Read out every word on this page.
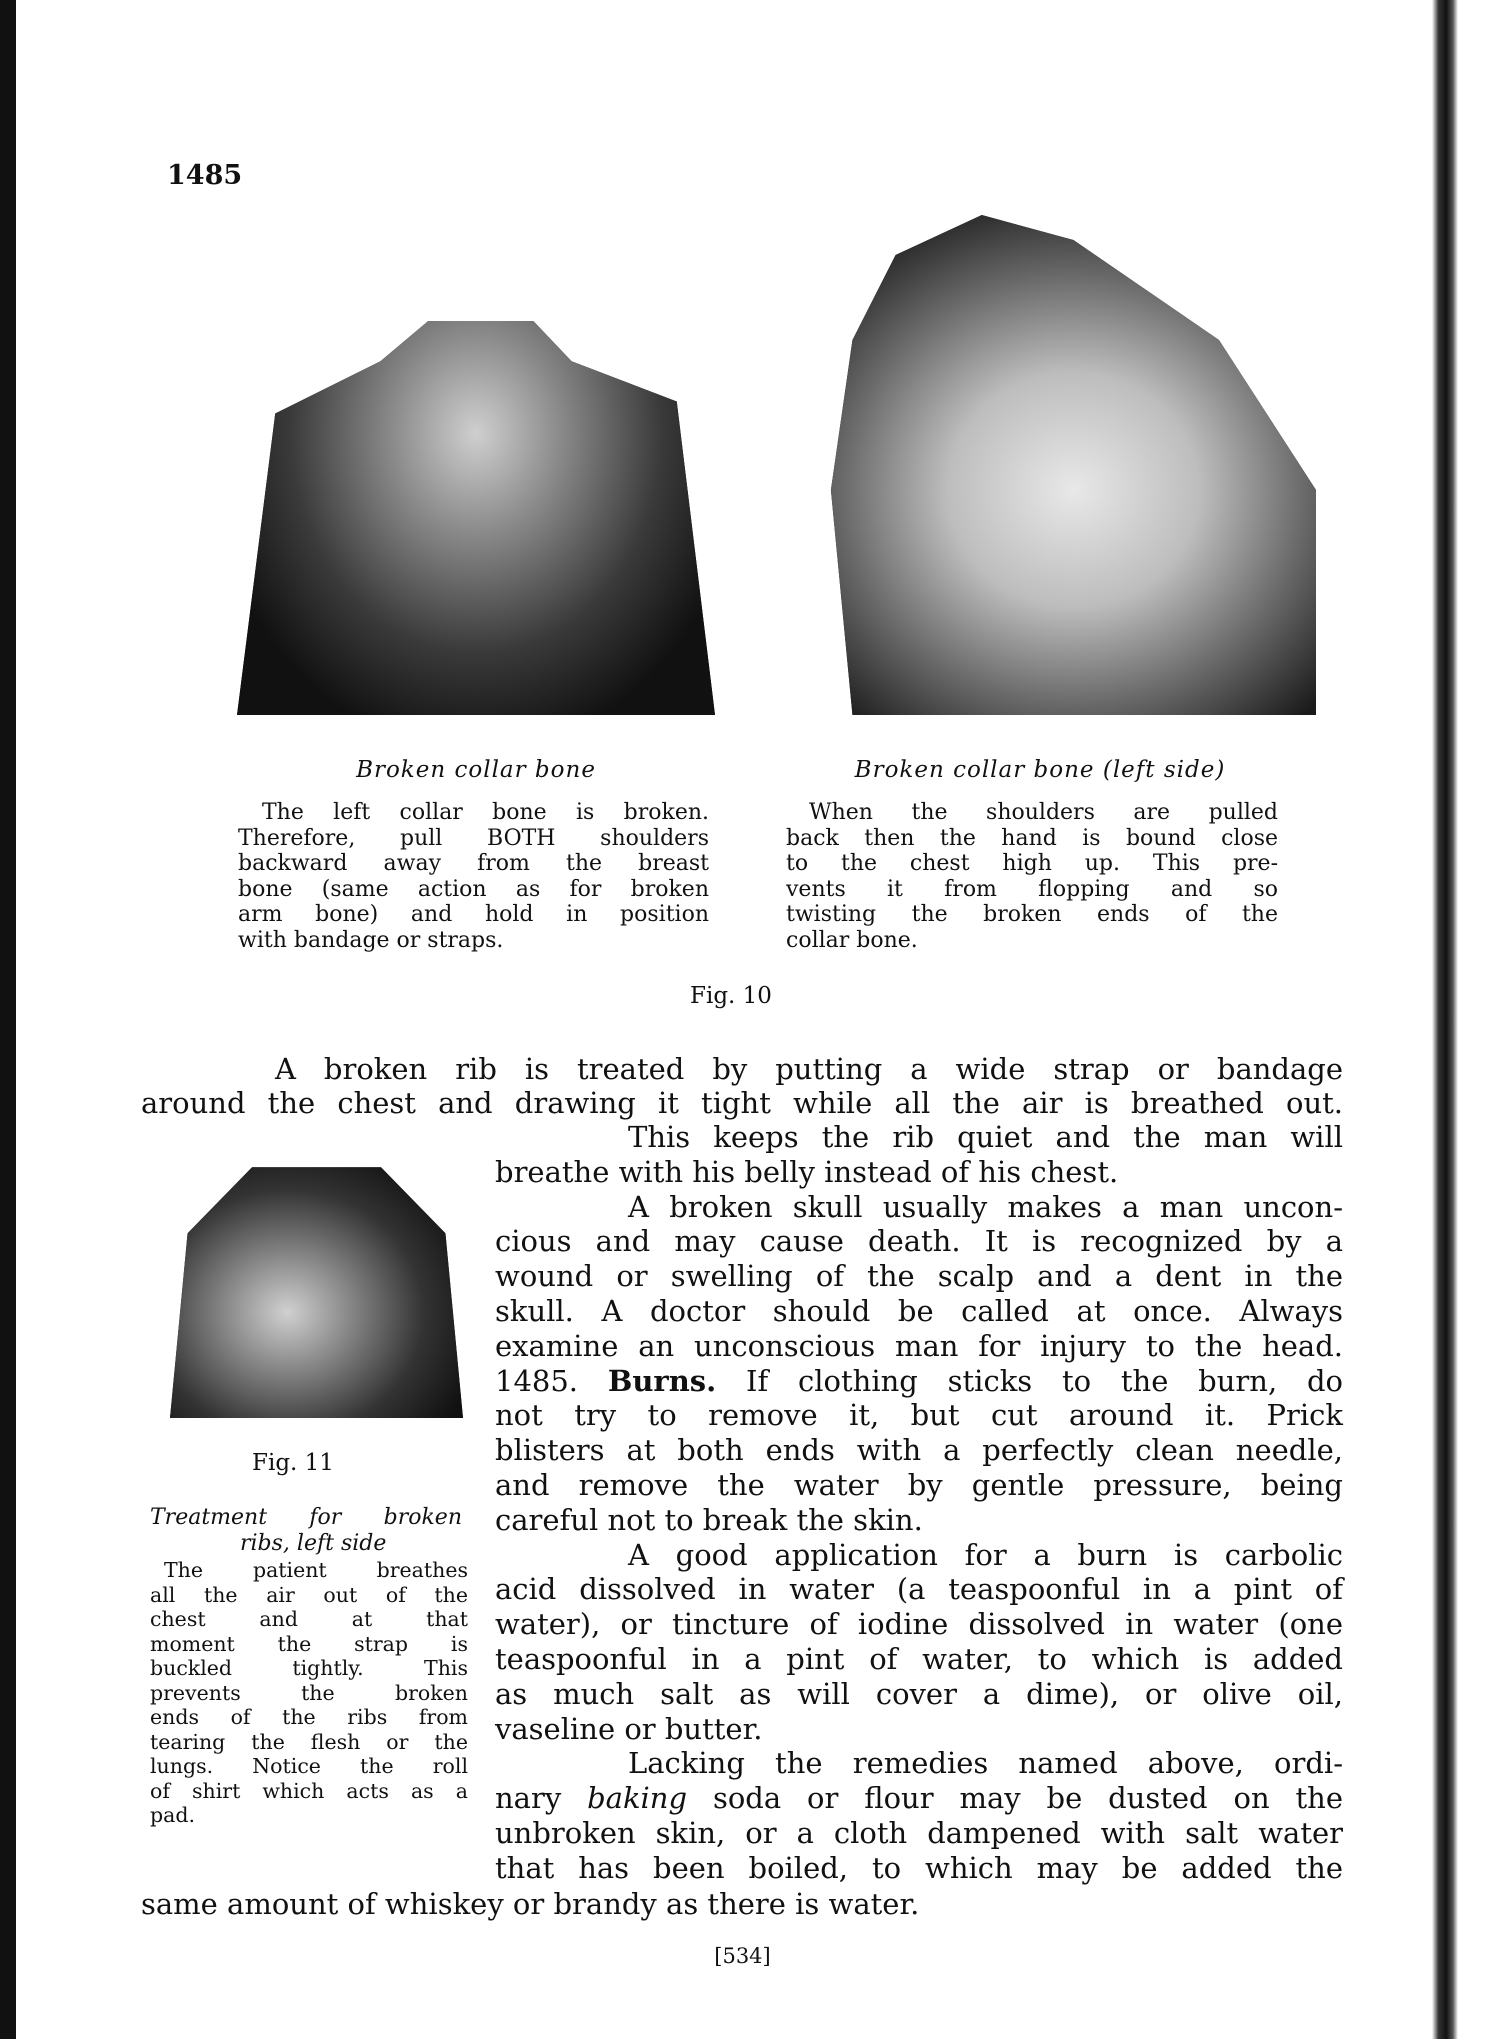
1485
Broken collar bone	Broken collar bone (left side)
The left collar bone is broken.
Therefore, pull BOTH shoulders
backward away from the breast
bone (same action as for broken
arm bone) and hold in position
with bandage or straps.
When the shoulders are pulled
back then the hand is bound close
to the chest high up. This pre-
vents it from flopping and so
twisting the broken ends of the
collar bone.
Fig. 10
A broken rib is treated by putting a wide strap or bandage
around the chest and drawing it tight while all the air is breathed out.
This keeps the rib quiet and the man will
breathe with his belly instead of his chest.
A broken skull usually makes a man uncon-
cious and may cause death. It is recognized by a
wound or swelling of the scalp and a dent in the
skull. A doctor should be called at once. Always
examine an unconscious man for injury to the head.
1485. Burns. If clothing sticks to the burn, do
not try to remove it, but cut around it. Prick
blisters at both ends with a perfectly clean needle,
and remove the water by gentle pressure, being
careful not to break the skin.
A good application for a burn is carbolic
acid dissolved in water (a teaspoonful in a pint of
water), or tincture of iodine dissolved in water (one
teaspoonful in a pint of water, to which is added
as much salt as will cover a dime), or olive oil,
vaseline or butter.
Lacking the remedies named above, ordi-
nary baking soda or flour may be dusted on the
unbroken skin, or a cloth dampened with salt water
that has been boiled, to which may be added the
same amount of whiskey or brandy as there is water.
Fig. 11
Treatment for broken
ribs, left side
The patient breathes
all the air out of the
chest and at that
moment the strap is
buckled tightly. This
prevents the broken
ends of the ribs from
tearing the flesh or the
lungs. Notice the roll
of shirt which acts as a
pad.
[534]
